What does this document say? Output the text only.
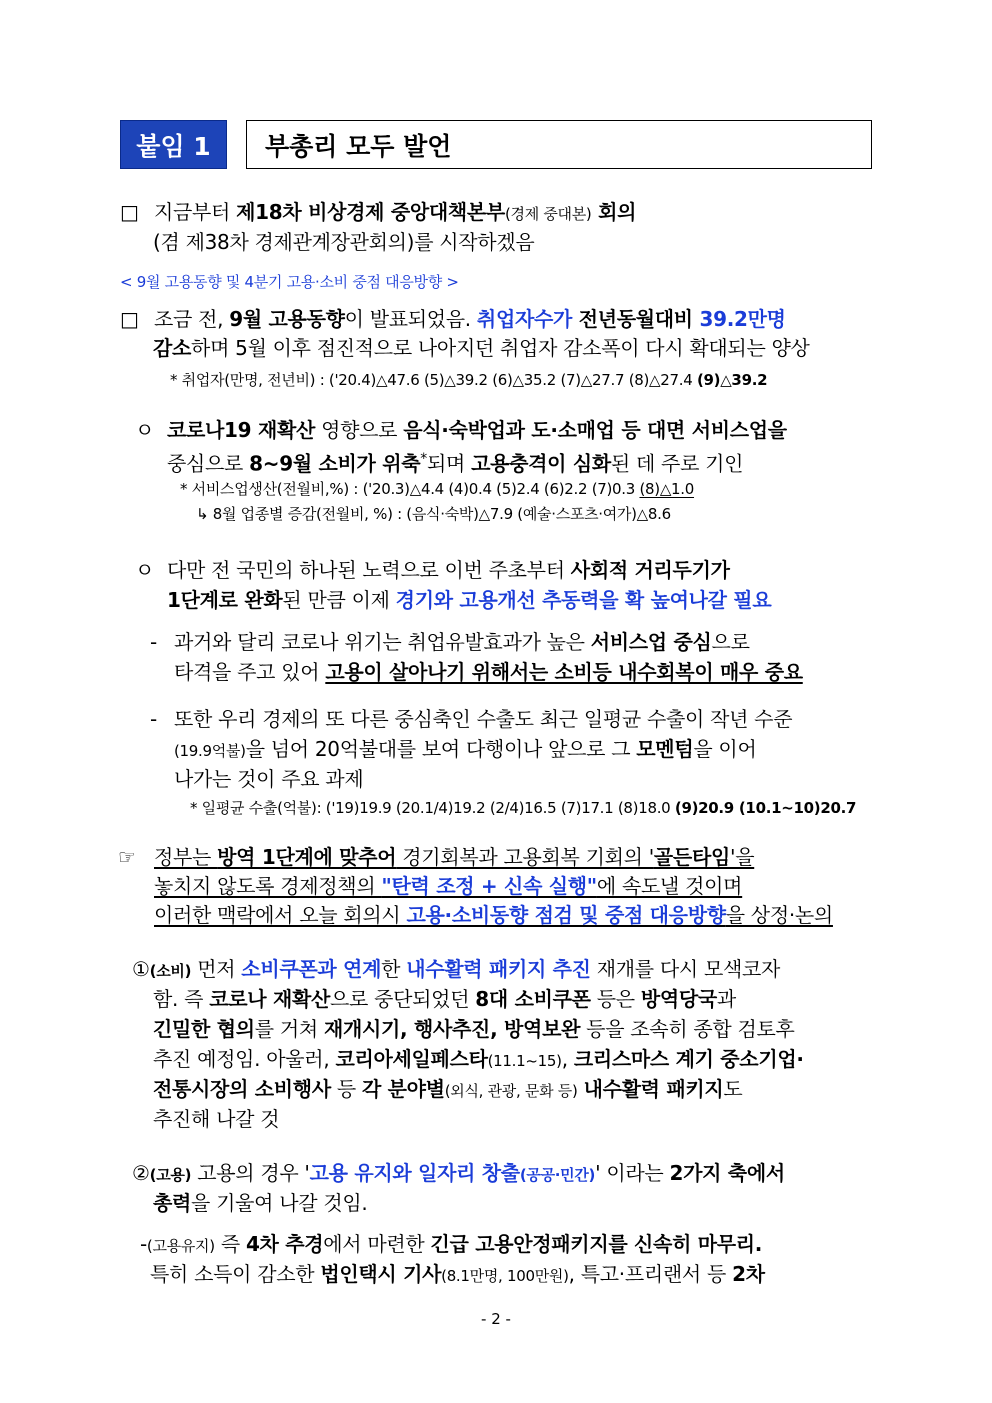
붙임 1	부총리 모두 발언
□ 지금부터 제18차 비상경제 중앙대책본부(경제 중대본) 회의
(겸 제38차 경제관계장관회의)를 시작하겠음
< 9월 고용동향 및 4분기 고용·소비 중점 대응방향 >
□ 조금 전, 9월 고용동향이 발표되었음. 취업자수가 전년동월대비 39.2만명
감소하며 5월 이후 점진적으로 나아지던 취업자 감소폭이 다시 확대되는 양상
* 취업자(만명, 전년비) : ('20.4)△47.6 (5)△39.2 (6)△35.2 (7)△27.7 (8)△27.4 (9)△39.2
ㅇ 코로나19 재확산 영향으로 음식·숙박업과 도·소매업 등 대면 서비스업을
중심으로 8~9월 소비가 위축*되며 고용충격이 심화된 데 주로 기인
* 서비스업생산(전월비,%) : ('20.3)△4.4 (4)0.4 (5)2.4 (6)2.2 (7)0.3 (8)△1.0
↳ 8월 업종별 증감(전월비, %) : (음식·숙박)△7.9 (예술·스포츠·여가)△8.6
ㅇ 다만 전 국민의 하나된 노력으로 이번 주초부터 사회적 거리두기가
1단계로 완화된 만큼 이제 경기와 고용개선 추동력을 확 높여나갈 필요
- 과거와 달리 코로나 위기는 취업유발효과가 높은 서비스업 중심으로
타격을 주고 있어 고용이 살아나기 위해서는 소비등 내수회복이 매우 중요
- 또한 우리 경제의 또 다른 중심축인 수출도 최근 일평균 수출이 작년 수준
(19.9억불)을 넘어 20억불대를 보여 다행이나 앞으로 그 모멘텀을 이어
나가는 것이 주요 과제
* 일평균 수출(억불): ('19)19.9 (20.1/4)19.2 (2/4)16.5 (7)17.1 (8)18.0 (9)20.9 (10.1~10)20.7
☞ 정부는 방역 1단계에 맞추어 경기회복과 고용회복 기회의 '골든타임'을
놓치지 않도록 경제정책의 "탄력 조정 + 신속 실행"에 속도낼 것이며
이러한 맥락에서 오늘 회의시 고용·소비동향 점검 및 중점 대응방향을 상정·논의
①(소비) 먼저 소비쿠폰과 연계한 내수활력 패키지 추진 재개를 다시 모색코자
함. 즉 코로나 재확산으로 중단되었던 8대 소비쿠폰 등은 방역당국과
긴밀한 협의를 거쳐 재개시기, 행사추진, 방역보완 등을 조속히 종합 검토후
추진 예정임. 아울러, 코리아세일페스타(11.1~15), 크리스마스 계기 중소기업·
전통시장의 소비행사 등 각 분야별(외식, 관광, 문화 등) 내수활력 패키지도
추진해 나갈 것
②(고용) 고용의 경우 '고용 유지와 일자리 창출(공공·민간)' 이라는 2가지 축에서
총력을 기울여 나갈 것임.
-(고용유지) 즉 4차 추경에서 마련한 긴급 고용안정패키지를 신속히 마무리.
특히 소득이 감소한 법인택시 기사(8.1만명, 100만원), 특고·프리랜서 등 2차
- 2 -
